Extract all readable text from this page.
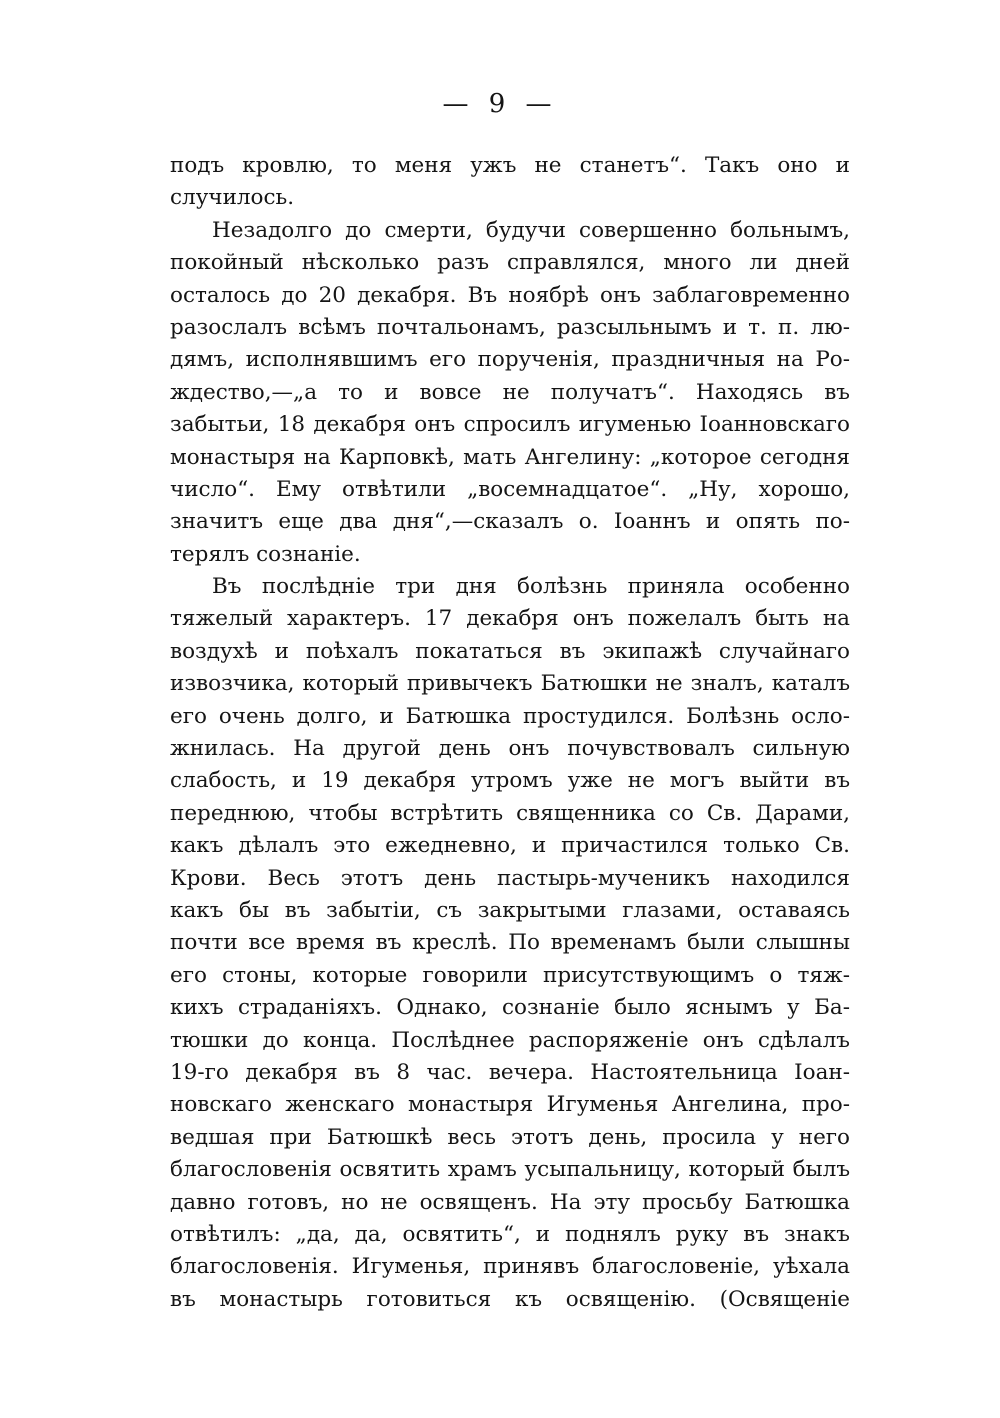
— 9 —
подъ кровлю, то меня ужъ не станетъ“. Такъ оно и
случилось.
Незадолго до смерти, будучи совершенно больнымъ,
покойный нѣсколько разъ справлялся, много ли дней
осталось до 20 декабря. Въ ноябрѣ онъ заблаговременно
разослалъ всѣмъ почтальонамъ, разсыльнымъ и т. п. лю-
дямъ, исполнявшимъ его порученія, праздничныя на Ро-
ждество,—„а то и вовсе не получатъ“. Находясь въ
забытьи, 18 декабря онъ спросилъ игуменью Іоанновскаго
монастыря на Карповкѣ, мать Ангелину: „которое сегодня
число“. Ему отвѣтили „восемнадцатое“. „Ну, хорошо,
значитъ еще два дня“,—сказалъ о. Іоаннъ и опять по-
терялъ сознаніе.
Въ послѣдніе три дня болѣзнь приняла особенно
тяжелый характеръ. 17 декабря онъ пожелалъ быть на
воздухѣ и поѣхалъ покататься въ экипажѣ случайнаго
извозчика, который привычекъ Батюшки не зналъ, каталъ
его очень долго, и Батюшка простудился. Болѣзнь осло-
жнилась. На другой день онъ почувствовалъ сильную
слабость, и 19 декабря утромъ уже не могъ выйти въ
переднюю, чтобы встрѣтить священника со Св. Дарами,
какъ дѣлалъ это ежедневно, и причастился только Св.
Крови. Весь этотъ день пастырь-мученикъ находился
какъ бы въ забытіи, съ закрытыми глазами, оставаясь
почти все время въ креслѣ. По временамъ были слышны
его стоны, которые говорили присутствующимъ о тяж-
кихъ страданіяхъ. Однако, сознаніе было яснымъ у Ба-
тюшки до конца. Послѣднее распоряженіе онъ сдѣлалъ
19-го декабря въ 8 час. вечера. Настоятельница Іоан-
новскаго женскаго монастыря Игуменья Ангелина, про-
ведшая при Батюшкѣ весь этотъ день, просила у него
благословенія освятить храмъ усыпальницу, который былъ
давно готовъ, но не освященъ. На эту просьбу Батюшка
отвѣтилъ: „да, да, освятить“, и поднялъ руку въ знакъ
благословенія. Игуменья, принявъ благословеніе, уѣхала
въ монастырь готовиться къ освященію. (Освященіе
